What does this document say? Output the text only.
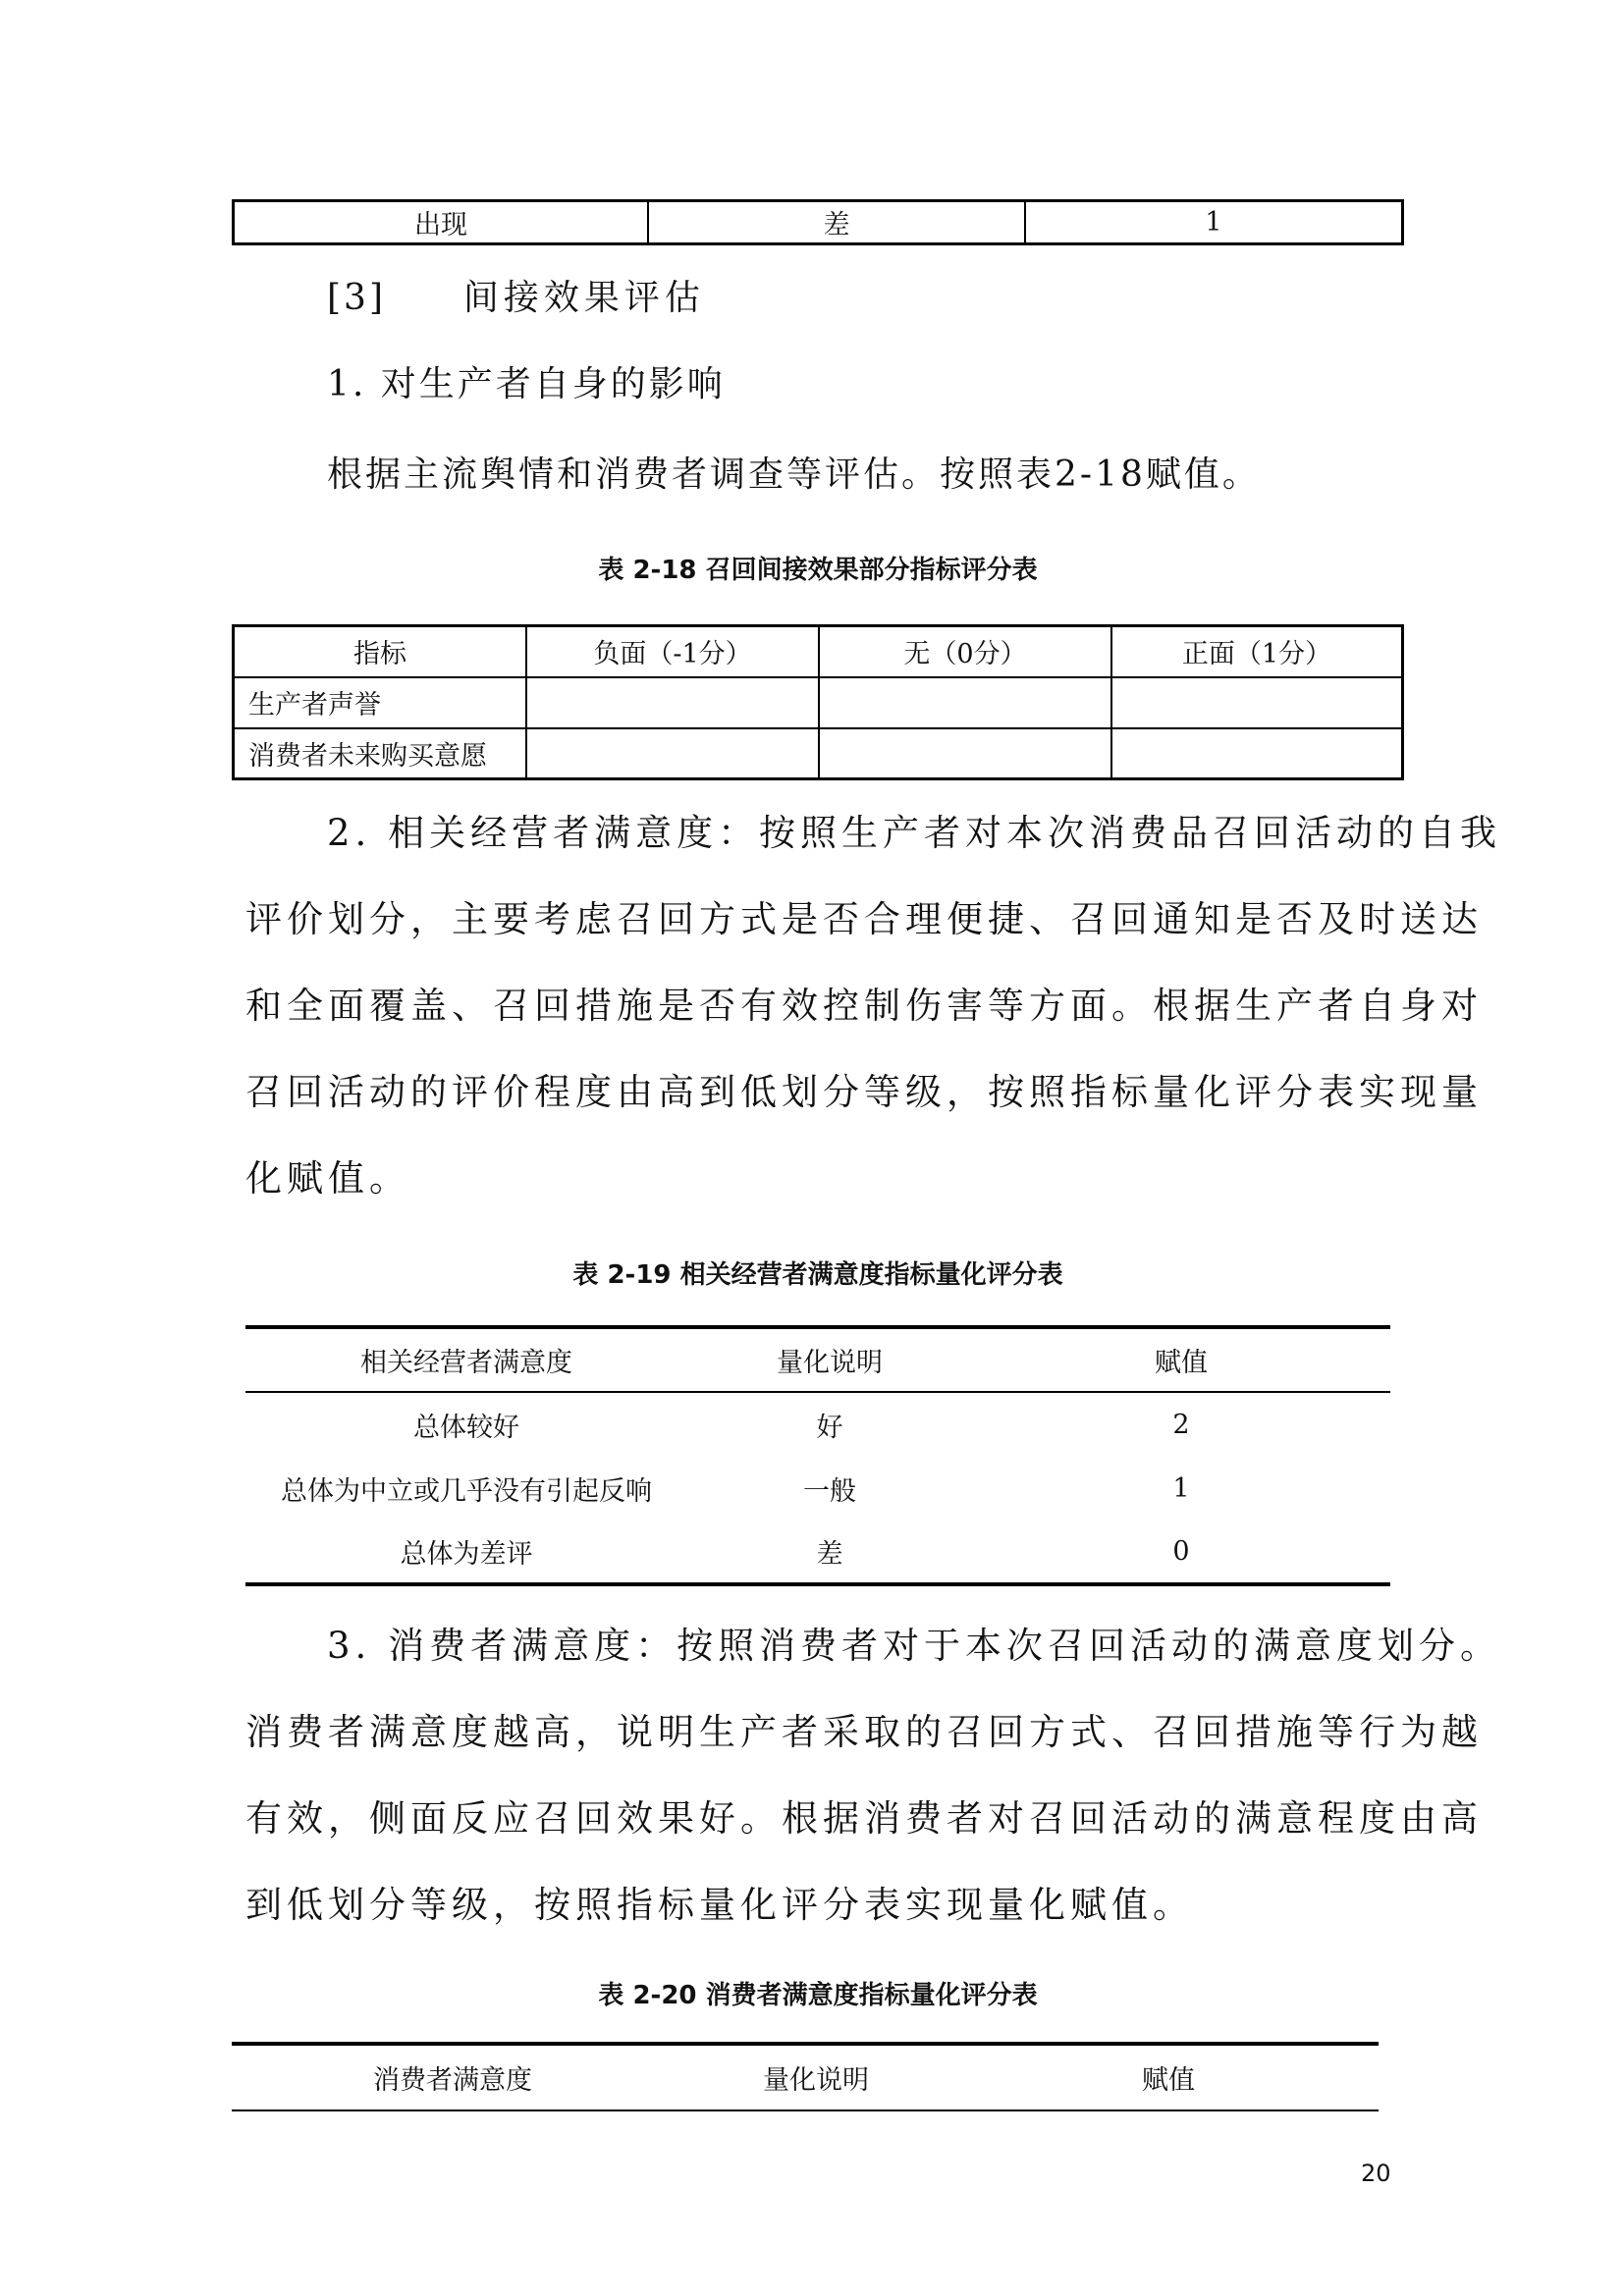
出现	差	1
[3] 间接效果评估
1. 对生产者自身的影响
根据主流舆情和消费者调查等评估。按照表2-18赋值。
表 2-18 召回间接效果部分指标评分表
指标	负面（-1分）	无（0分）	正面（1分）
生产者声誉			
消费者未来购买意愿			
2. 相关经营者满意度：按照生产者对本次消费品召回活动的自我
评价划分，主要考虑召回方式是否合理便捷、召回通知是否及时送达
和全面覆盖、召回措施是否有效控制伤害等方面。根据生产者自身对
召回活动的评价程度由高到低划分等级，按照指标量化评分表实现量
化赋值。
表 2-19 相关经营者满意度指标量化评分表
相关经营者满意度	量化说明	赋值
总体较好	好	2
总体为中立或几乎没有引起反响	一般	1
总体为差评	差	0
3. 消费者满意度：按照消费者对于本次召回活动的满意度划分。
消费者满意度越高，说明生产者采取的召回方式、召回措施等行为越
有效，侧面反应召回效果好。根据消费者对召回活动的满意程度由高
到低划分等级，按照指标量化评分表实现量化赋值。
表 2-20 消费者满意度指标量化评分表
消费者满意度	量化说明	赋值
20
